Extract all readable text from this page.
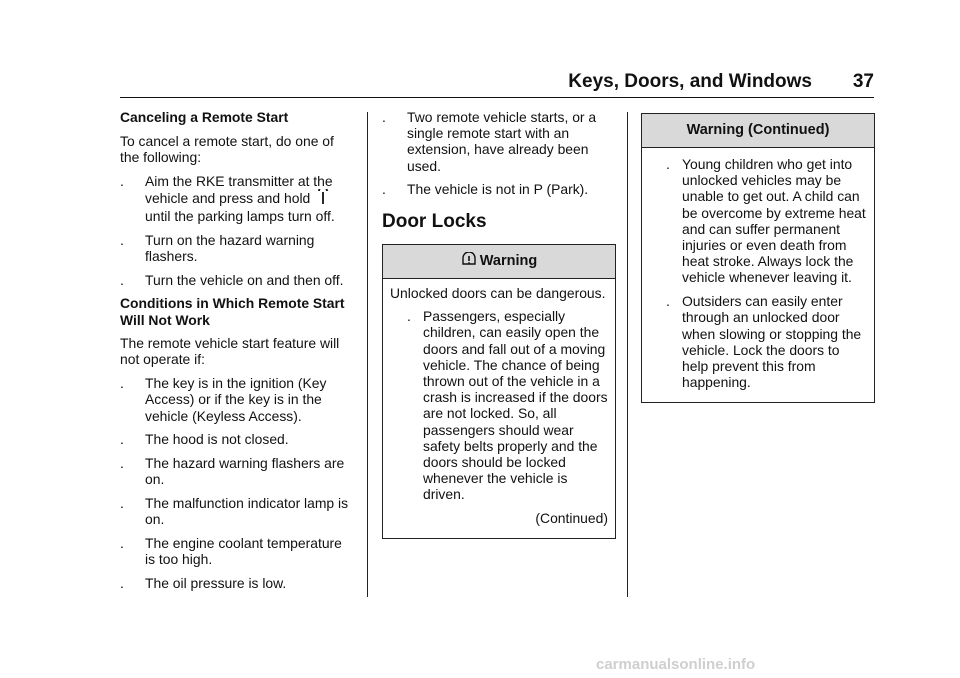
Keys, Doors, and Windows 37

Canceling a Remote Start

To cancel a remote start, do one of the following:

.	Aim the RKE transmitter at the vehicle and press and hold  until the parking lamps turn off.
.	Turn on the hazard warning flashers.
.	Turn the vehicle on and then off.

Conditions in Which Remote Start Will Not Work

The remote vehicle start feature will not operate if:

.	The key is in the ignition (Key Access) or if the key is in the vehicle (Keyless Access).
.	The hood is not closed.
.	The hazard warning flashers are on.
.	The malfunction indicator lamp is on.
.	The engine coolant temperature is too high.
.	The oil pressure is low.
.	Two remote vehicle starts, or a single remote start with an extension, have already been used.
.	The vehicle is not in P (Park).
Door Locks
Warning

Unlocked doors can be dangerous.

. Passengers, especially children, can easily open the doors and fall out of a moving vehicle. The chance of being thrown out of the vehicle in a crash is increased if the doors are not locked. So, all passengers should wear safety belts properly and the doors should be locked whenever the vehicle is driven.

(Continued)

Warning (Continued)
. Young children who get into unlocked vehicles may be unable to get out. A child can be overcome by extreme heat and can suffer permanent injuries or even death from heat stroke. Always lock the vehicle whenever leaving it.
. Outsiders can easily enter through an unlocked door when slowing or stopping the vehicle. Lock the doors to help prevent this from happening.
carmanualsonline.info
